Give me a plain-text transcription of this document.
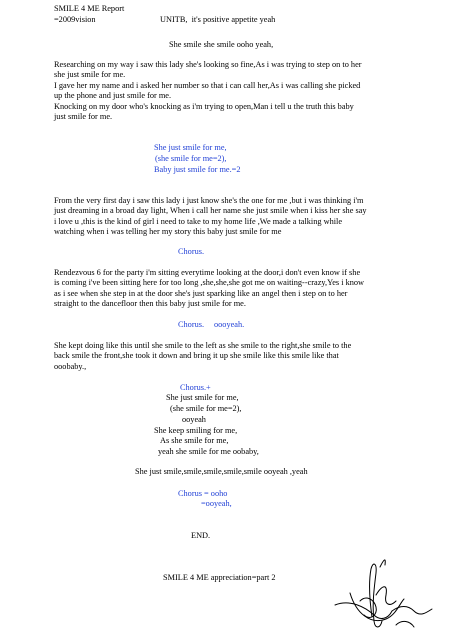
SMILE 4 ME Report
=2009vision	UNITB,  it's positive appetite yeah
She smile she smile ooho yeah,
Researching on my way i saw this lady she's looking so fine,As i was trying to step on to her
she just smile for me.
I gave her my name and i asked her number so that i can call her,As i was calling she picked
up the phone and just smile for me.
Knocking on my door who's knocking as i'm trying to open,Man i tell u the truth this baby
just smile for me.
She just smile for me,
(she smile for me=2),
Baby just smile for me.=2
From the very first day i saw this lady i just know she's the one for me ,but i was thinking i'm
just dreaming in a broad day light, When i call her name she just smile when i kiss her she say
i love u ,this is the kind of girl i need to take to my home life ,We made a talking while
watching when i was telling her my story this baby just smile for me
Chorus.
Rendezvous 6 for the party i'm sitting everytime looking at the door,i don't even know if she
is coming i've been sitting here for too long ,she,she,she got me on waiting--crazy,Yes i know
as i see when she step in at the door she's just sparking like an angel then i step on to her
straight to the dancefloor then this baby just smile for me.
Chorus. oooyeah.
She kept doing like this until she smile to the left as she smile to the right,she smile to the
back smile the front,she took it down and bring it up she smile like this smile like that
ooobaby.,
Chorus.+
She just smile for me,
(she smile for me=2),
ooyeah
She keep smiling for me,
As she smile for me,
yeah she smile for me oobaby,
She just smile,smile,smile,smile,smile ooyeah ,yeah
Chorus = ooho
=ooyeah,
END.
SMILE 4 ME appreciation=part 2
